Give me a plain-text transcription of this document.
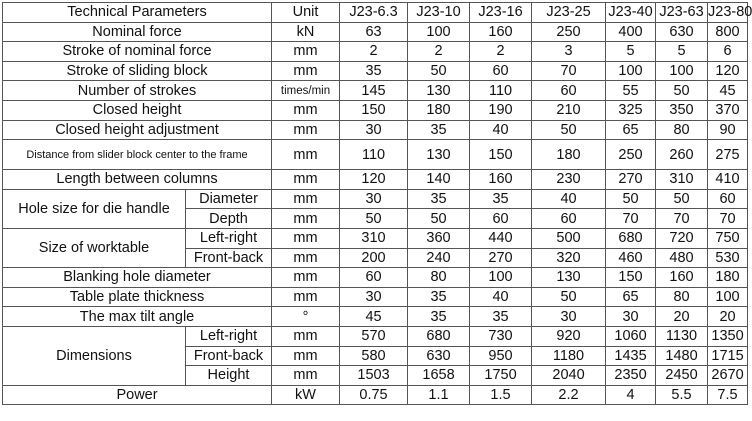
Technical Parameters		Unit	J23-6.3	J23-10	J23-16	J23-25	J23-40	J23-63	J23-80
Nominal force		kN	63	100	160	250	400	630	800
Stroke of nominal force		mm	2	2	2	3	5	5	6
Stroke of sliding block		mm	35	50	60	70	100	100	120
Number of strokes		times/min	145	130	110	60	55	50	45
Closed height		mm	150	180	190	210	325	350	370
Closed height adjustment		mm	30	35	40	50	65	80	90
Distance from slider block center to the frame		mm	110	130	150	180	250	260	275
Length between columns		mm	120	140	160	230	270	310	410
Hole size for die handle	Diameter	mm	30	35	35	40	50	50	60
	Depth	mm	50	50	60	60	70	70	70
Size of worktable	Left-right	mm	310	360	440	500	680	720	750
	Front-back	mm	200	240	270	320	460	480	530
Blanking hole diameter		mm	60	80	100	130	150	160	180
Table plate thickness		mm	30	35	40	50	65	80	100
The max tilt angle		°	45	35	35	30	30	20	20
Dimensions	Left-right	mm	570	680	730	920	1060	1130	1350
	Front-back	mm	580	630	950	1180	1435	1480	1715
	Height	mm	1503	1658	1750	2040	2350	2450	2670
Power		kW	0.75	1.1	1.5	2.2	4	5.5	7.5
